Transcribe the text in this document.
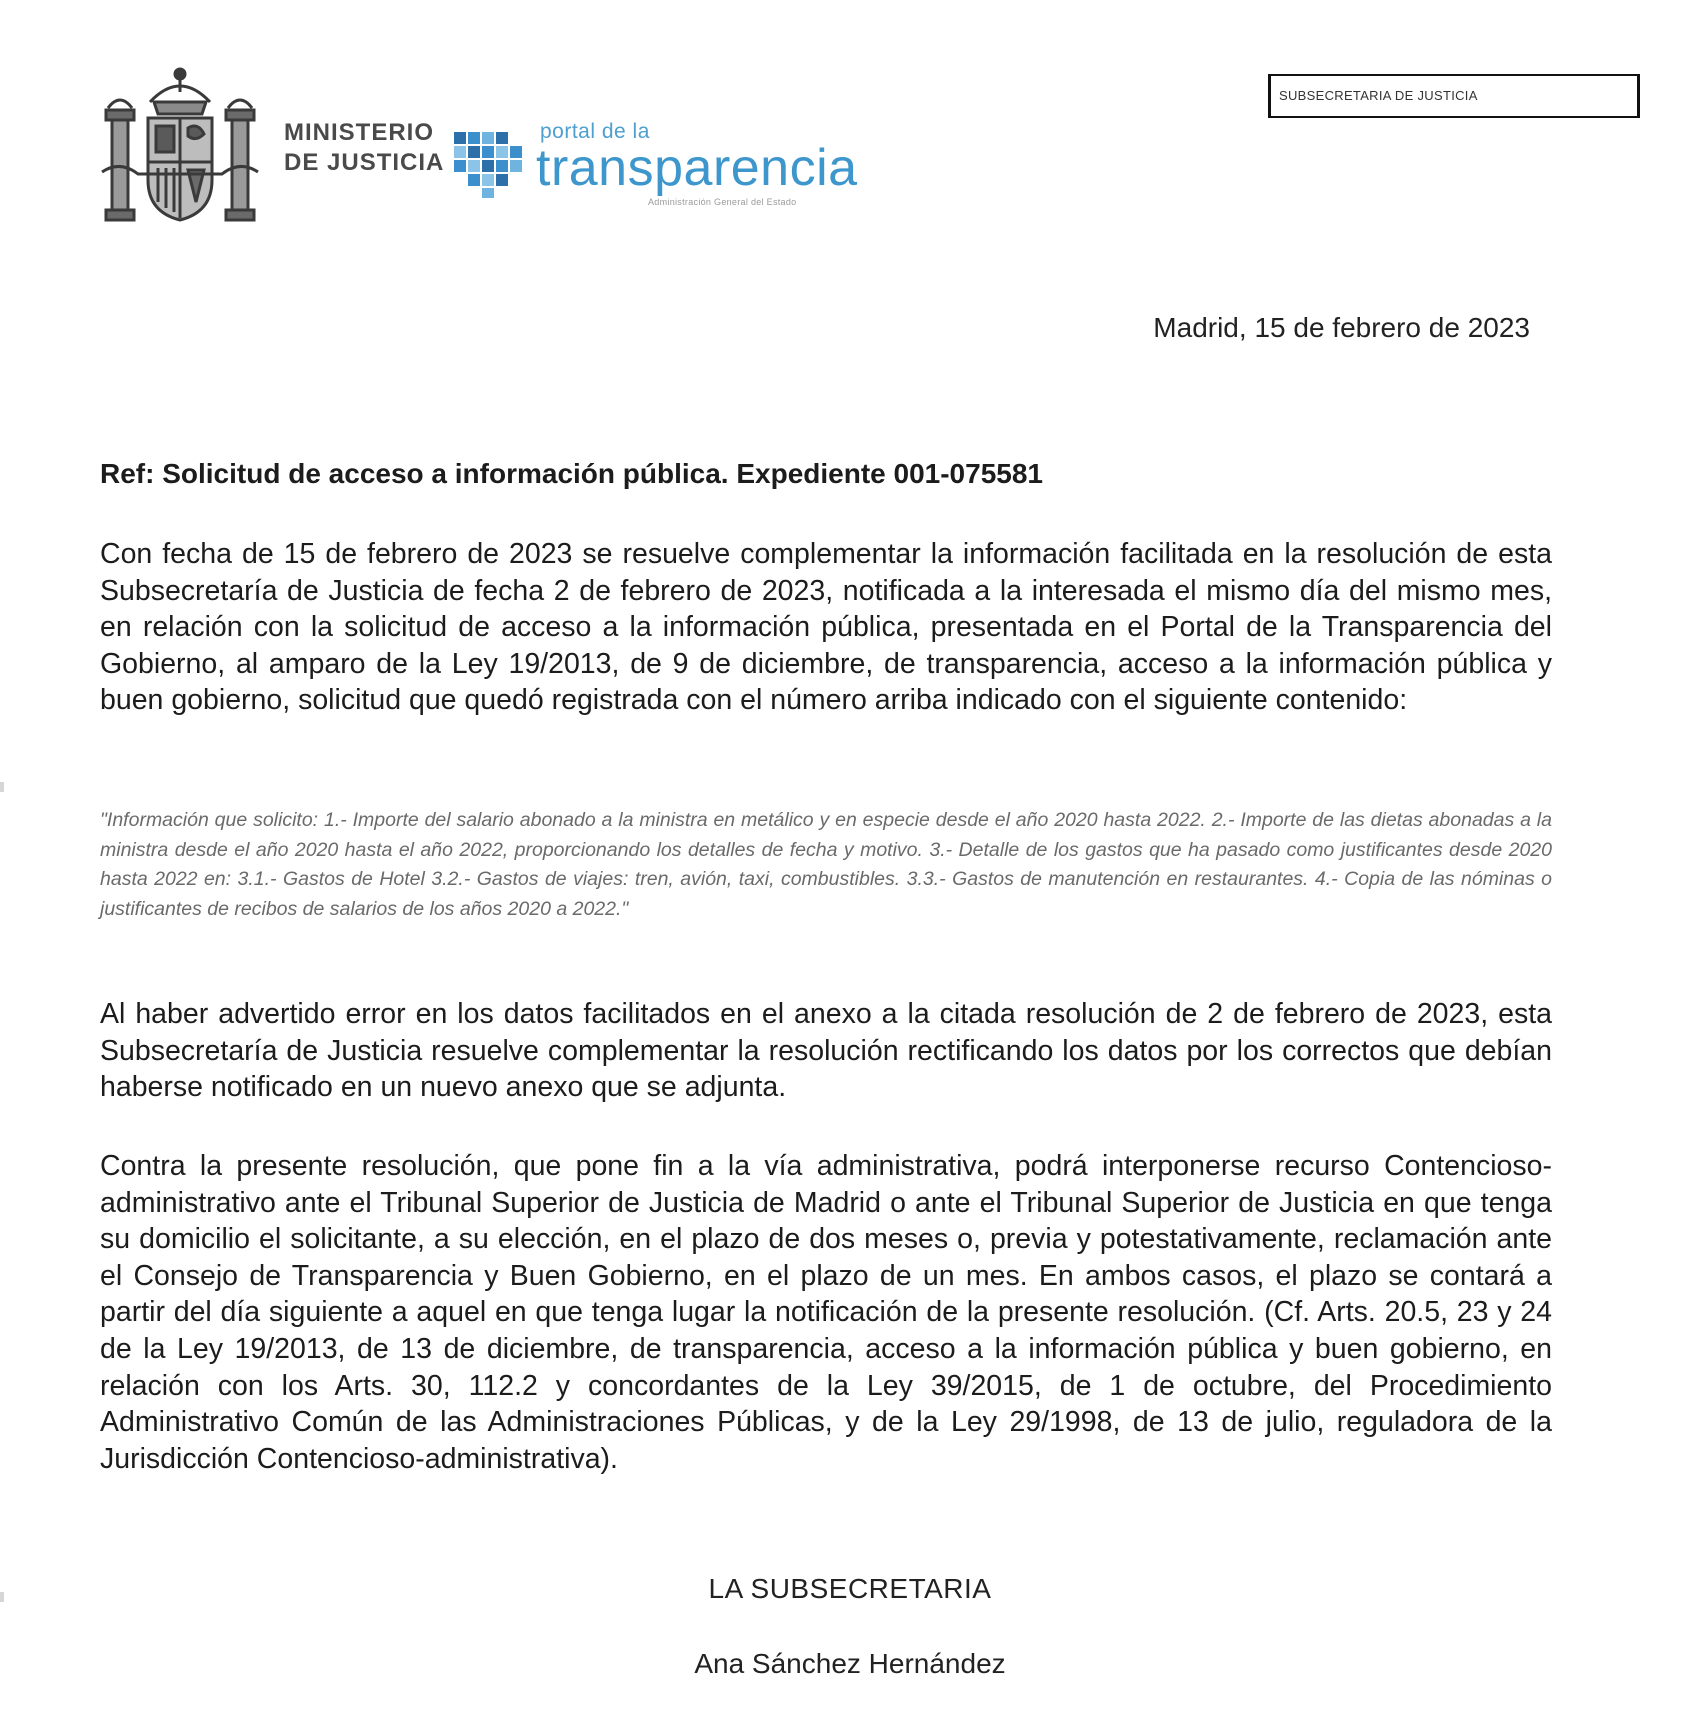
MINISTERIO
DE JUSTICIA
portal de la
transparencia
Administración General del Estado
SUBSECRETARIA DE JUSTICIA
Madrid, 15 de febrero de 2023
Ref: Solicitud de acceso a información pública. Expediente 001-075581
Con fecha de 15 de febrero de 2023 se resuelve complementar la información facilitada en la resolución de esta Subsecretaría de Justicia de fecha 2 de febrero de 2023, notificada a la interesada el mismo día del mismo mes, en relación con la solicitud de acceso a la información pública, presentada en el Portal de la Transparencia del Gobierno, al amparo de la Ley 19/2013, de 9 de diciembre, de transparencia, acceso a la información pública y buen gobierno, solicitud que quedó registrada con el número arriba indicado con el siguiente contenido:
"Información que solicito: 1.- Importe del salario abonado a la ministra en metálico y en especie desde el año 2020 hasta 2022. 2.- Importe de las dietas abonadas a la ministra desde el año 2020 hasta el año 2022, proporcionando los detalles de fecha y motivo. 3.- Detalle de los gastos que ha pasado como justificantes desde 2020 hasta 2022 en: 3.1.- Gastos de Hotel 3.2.- Gastos de viajes: tren, avión, taxi, combustibles. 3.3.- Gastos de manutención en restaurantes. 4.- Copia de las nóminas o justificantes de recibos de salarios de los años 2020 a 2022."
Al haber advertido error en los datos facilitados en el anexo a la citada resolución de 2 de febrero de 2023, esta Subsecretaría de Justicia resuelve complementar la resolución rectificando los datos por los correctos que debían haberse notificado en un nuevo anexo que se adjunta.
Contra la presente resolución, que pone fin a la vía administrativa, podrá interponerse recurso Contencioso-administrativo ante el Tribunal Superior de Justicia de Madrid o ante el Tribunal Superior de Justicia en que tenga su domicilio el solicitante, a su elección, en el plazo de dos meses o, previa y potestativamente, reclamación ante el Consejo de Transparencia y Buen Gobierno, en el plazo de un mes. En ambos casos, el plazo se contará a partir del día siguiente a aquel en que tenga lugar la notificación de la presente resolución. (Cf. Arts. 20.5, 23 y 24 de la Ley 19/2013, de 13 de diciembre, de transparencia, acceso a la información pública y buen gobierno, en relación con los Arts. 30, 112.2 y concordantes de la Ley 39/2015, de 1 de octubre, del Procedimiento Administrativo Común de las Administraciones Públicas, y de la Ley 29/1998, de 13 de julio, reguladora de la Jurisdicción Contencioso-administrativa).
LA SUBSECRETARIA
Ana Sánchez Hernández
